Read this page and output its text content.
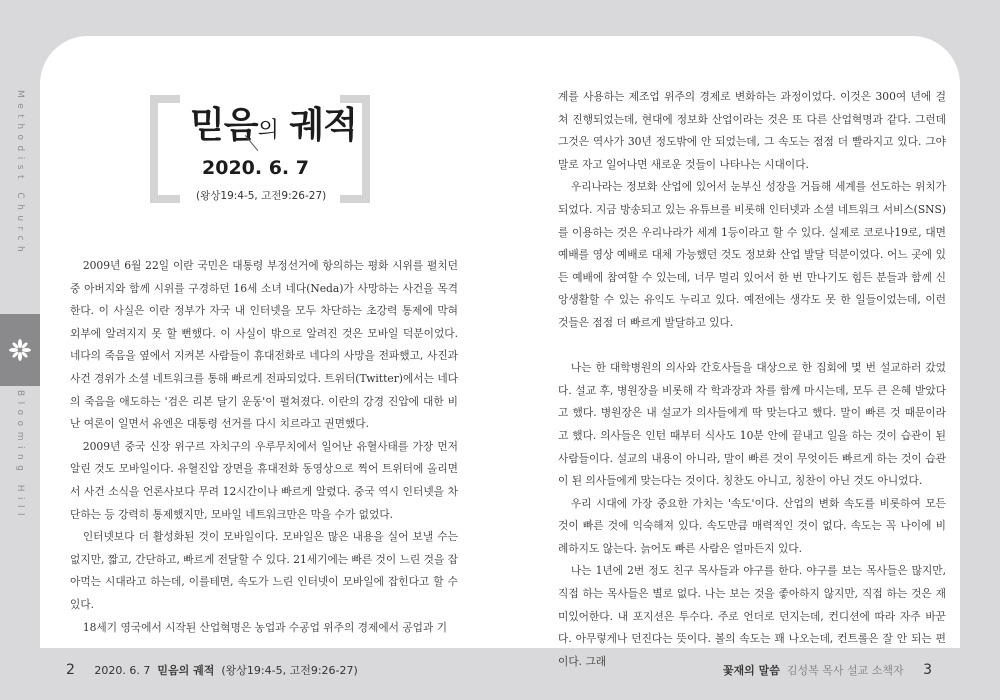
Methodist Church
Blooming Hill
믿음의 궤적
2020. 6. 7
(왕상19:4-5, 고전9:26-27)

2009년 6월 22일 이란 국민은 대통령 부정선거에 항의하는 평화 시위를 펼치던 중 아버지와 함께 시위를 구경하던 16세 소녀 네다(Neda)가 사망하는 사건을 목격한다. 이 사실은 이란 정부가 자국 내 인터넷을 모두 차단하는 초강력 통제에 막혀 외부에 알려지지 못 할 뻔했다. 이 사실이 밖으로 알려진 것은 모바일 덕분이었다. 네다의 죽음을 옆에서 지켜본 사람들이 휴대전화로 네다의 사망을 전파했고, 사진과 사건 경위가 소셜 네트워크를 통해 빠르게 전파되었다. 트위터(Twitter)에서는 네다의 죽음을 애도하는 '검은 리본 달기 운동'이 펼쳐졌다. 이란의 강경 진압에 대한 비난 여론이 일면서 유엔은 대통령 선거를 다시 치르라고 권면했다.

2009년 중국 신장 위구르 자치구의 우루무치에서 일어난 유혈사태를 가장 먼저 알린 것도 모바일이다. 유혈진압 장면을 휴대전화 동영상으로 찍어 트위터에 올리면서 사건 소식을 언론사보다 무려 12시간이나 빠르게 알렸다. 중국 역시 인터넷을 차단하는 등 강력히 통제했지만, 모바일 네트워크만은 막을 수가 없었다.

인터넷보다 더 활성화된 것이 모바일이다. 모바일은 많은 내용을 실어 보낼 수는 없지만, 짧고, 간단하고, 빠르게 전달할 수 있다. 21세기에는 빠른 것이 느린 것을 잡아먹는 시대라고 하는데, 이를테면, 속도가 느린 인터넷이 모바일에 잡힌다고 할 수 있다.

18세기 영국에서 시작된 산업혁명은 농업과 수공업 위주의 경제에서 공업과 기

계를 사용하는 제조업 위주의 경제로 변화하는 과정이었다. 이것은 300여 년에 걸쳐 진행되었는데, 현대에 정보화 산업이라는 것은 또 다른 산업혁명과 같다. 그런데 그것은 역사가 30년 정도밖에 안 되었는데, 그 속도는 점점 더 빨라지고 있다. 그야말로 자고 일어나면 새로운 것들이 나타나는 시대이다.

우리나라는 정보화 산업에 있어서 눈부신 성장을 거듭해 세계를 선도하는 위치가 되었다. 지금 방송되고 있는 유튜브를 비롯해 인터넷과 소셜 네트워크 서비스(SNS)를 이용하는 것은 우리나라가 세계 1등이라고 할 수 있다. 실제로 코로나19로, 대면 예배를 영상 예배로 대체 가능했던 것도 정보화 산업 발달 덕분이었다. 어느 곳에 있든 예배에 참여할 수 있는데, 너무 멀리 있어서 한 번 만나기도 힘든 분들과 함께 신앙생활할 수 있는 유익도 누리고 있다. 예전에는 생각도 못 한 일들이었는데, 이런 것들은 점점 더 빠르게 발달하고 있다.

나는 한 대학병원의 의사와 간호사들을 대상으로 한 집회에 몇 번 설교하러 갔었다. 설교 후, 병원장을 비롯해 각 학과장과 차를 함께 마시는데, 모두 큰 은혜 받았다고 했다. 병원장은 내 설교가 의사들에게 딱 맞는다고 했다. 말이 빠른 것 때문이라고 했다. 의사들은 인턴 때부터 식사도 10분 안에 끝내고 일을 하는 것이 습관이 된 사람들이다. 설교의 내용이 아니라, 말이 빠른 것이 무엇이든 빠르게 하는 것이 습관이 된 의사들에게 맞는다는 것이다. 칭찬도 아니고, 칭찬이 아닌 것도 아니었다.

우리 시대에 가장 중요한 가치는 '속도'이다. 산업의 변화 속도를 비롯하여 모든 것이 빠른 것에 익숙해져 있다. 속도만큼 매력적인 것이 없다. 속도는 꼭 나이에 비례하지도 않는다. 늙어도 빠른 사람은 얼마든지 있다.

나는 1년에 2번 정도 친구 목사들과 야구를 한다. 야구를 보는 목사들은 많지만, 직접 하는 목사들은 별로 없다. 나는 보는 것을 좋아하지 않지만, 직접 하는 것은 재미있어한다. 내 포지션은 투수다. 주로 언더로 던지는데, 컨디션에 따라 자주 바꾼다. 아무렇게나 던진다는 뜻이다. 볼의 속도는 꽤 나오는데, 컨트롤은 잘 안 되는 편이다. 그래

2 2020. 6. 7 믿음의 궤적 (왕상19:4-5, 고전9:26-27)	꽃재의 말씀 김성복 목사 설교 소책자 3
